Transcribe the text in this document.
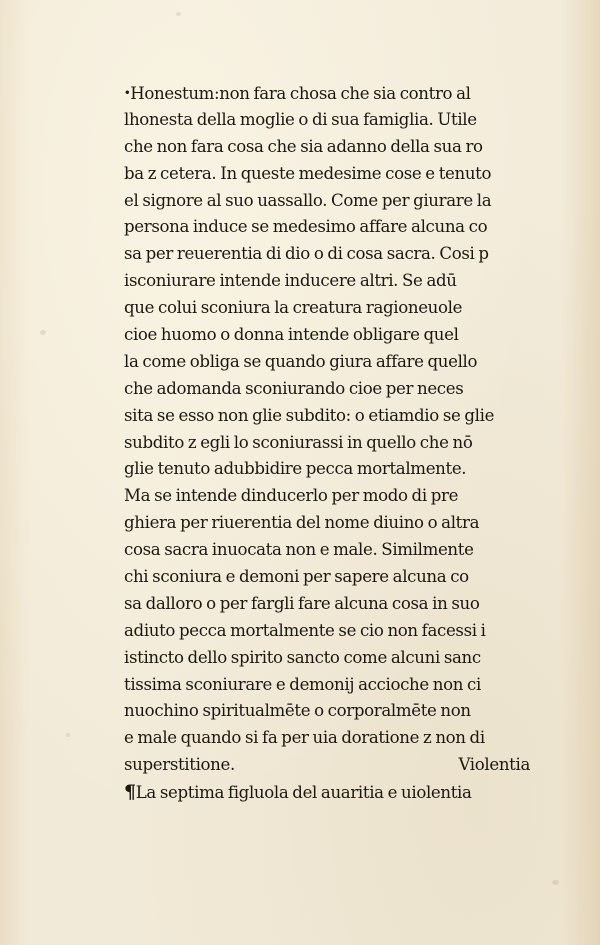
·Honestum:non fara chosa che sia contro al
lhonesta della moglie o di sua famiglia. Utile
che non fara cosa che sia adanno della sua ro
ba z cetera. In queste medesime cose e tenuto
el signore al suo uassallo. Come per giurare la
persona induce se medesimo affare alcuna co
sa per reuerentia di dio o di cosa sacra. Cosi p
isconiurare intende inducere altri. Se adū
que colui sconiura la creatura ragioneuole
cioe huomo o donna intende obligare quel
la come obliga se quando giura affare quello
che adomanda sconiurando cioe per neces
sita se esso non glie subdito: o etiamdio se glie
subdito z egli lo sconiurassi in quello che nō
glie tenuto adubbidire pecca mortalmente.
Ma se intende dinducerlo per modo di pre
ghiera per riuerentia del nome diuino o altra
cosa sacra inuocata non e male. Similmente
chi sconiura e demoni per sapere alcuna co
sa dalloro o per fargli fare alcuna cosa in suo
adiuto pecca mortalmente se cio non facessi i
istincto dello spirito sancto come alcuni sanc
tissima sconiurare e demonij accioche non ci
nuochino spiritualmēte o corporalmēte non
e male quando si fa per uia doratione z non di
superstitione.	Violentia
¶La septima figluola del auaritia e uiolentia
